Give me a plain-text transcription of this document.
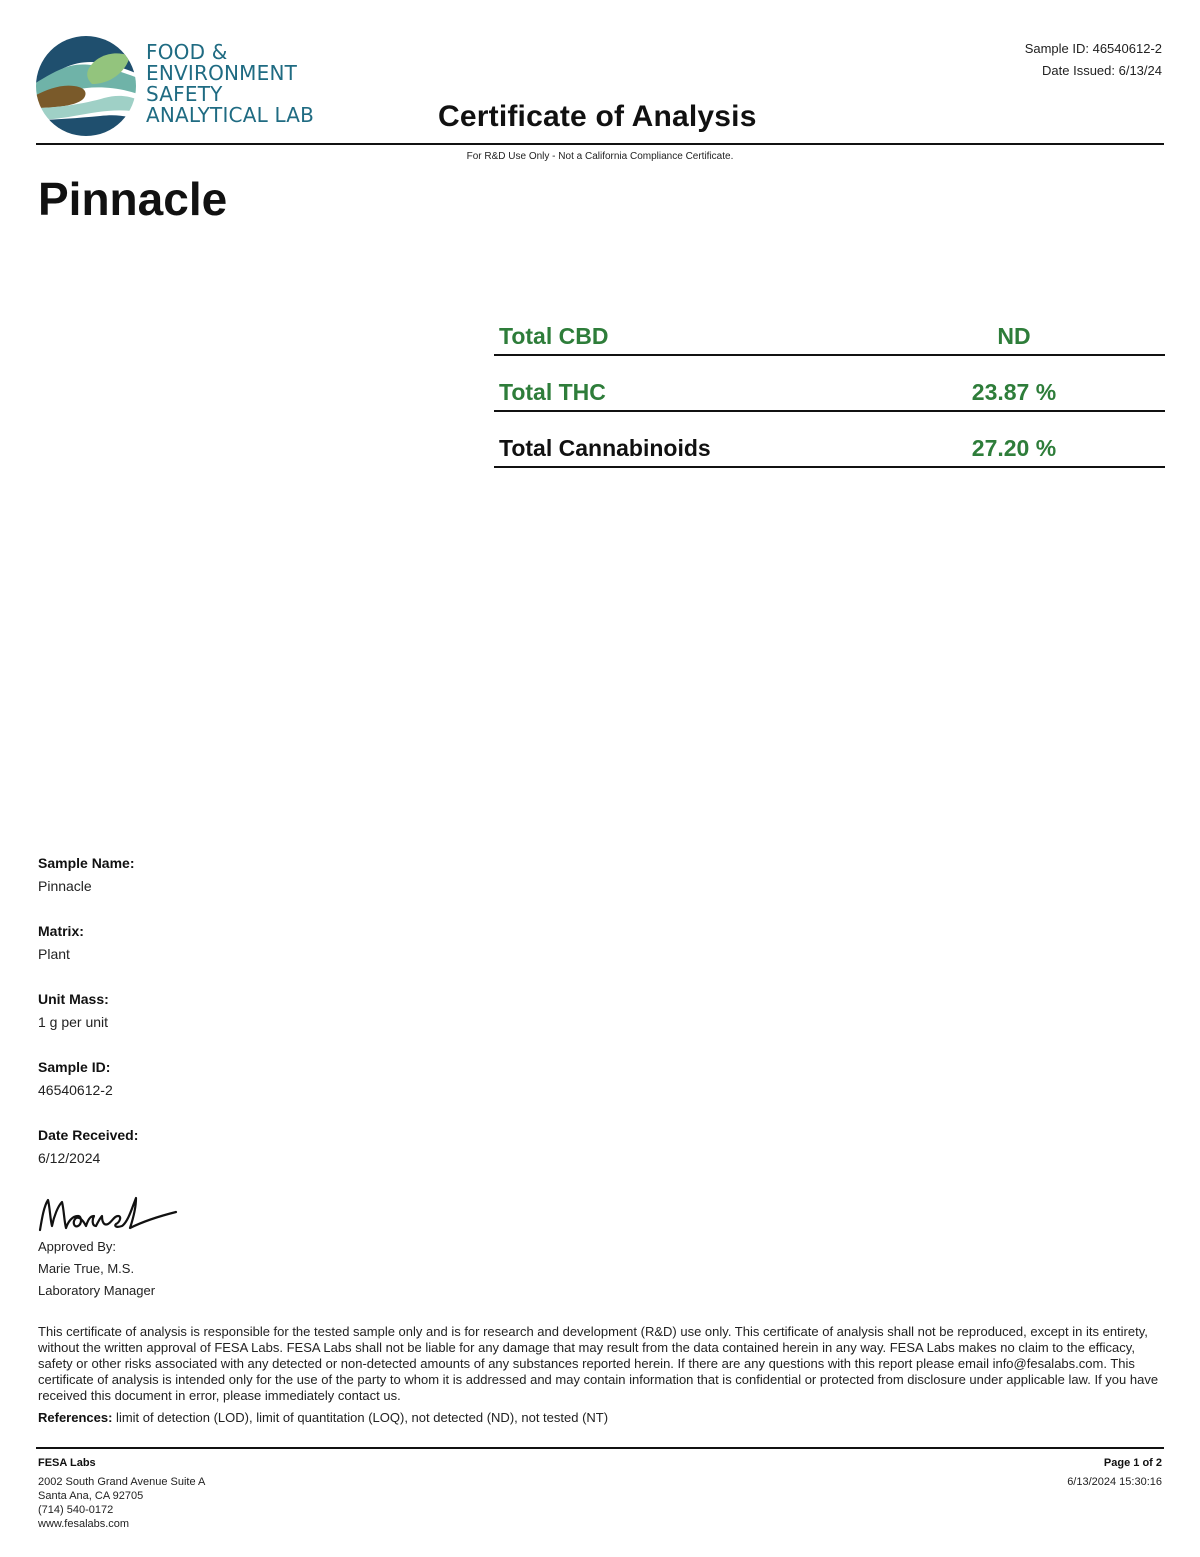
FOOD &
ENVIRONMENT
SAFETY
ANALYTICAL LAB
Sample ID: 46540612-2
Date Issued: 6/13/24
Certificate of Analysis
For R&D Use Only - Not a California Compliance Certificate.
Pinnacle
Total CBD	ND
Total THC	23.87 %
Total Cannabinoids	27.20 %
Sample Name:
Pinnacle
Matrix:
Plant
Unit Mass:
1 g per unit
Sample ID:
46540612-2
Date Received:
6/12/2024
Approved By:
Marie True, M.S.
Laboratory Manager
This certificate of analysis is responsible for the tested sample only and is for research and development (R&D) use only. This certificate of analysis shall not be reproduced, except in its entirety, without the written approval of FESA Labs. FESA Labs shall not be liable for any damage that may result from the data contained herein in any way. FESA Labs makes no claim to the efficacy, safety or other risks associated with any detected or non-detected amounts of any substances reported herein. If there are any questions with this report please email info@fesalabs.com. This certificate of analysis is intended only for the use of the party to whom it is addressed and may contain information that is confidential or protected from disclosure under applicable law. If you have received this document in error, please immediately contact us.
References: limit of detection (LOD), limit of quantitation (LOQ), not detected (ND), not tested (NT)
FESA Labs
2002 South Grand Avenue Suite A
Santa Ana, CA 92705
(714) 540-0172
www.fesalabs.com
Page 1 of 2
6/13/2024 15:30:16
